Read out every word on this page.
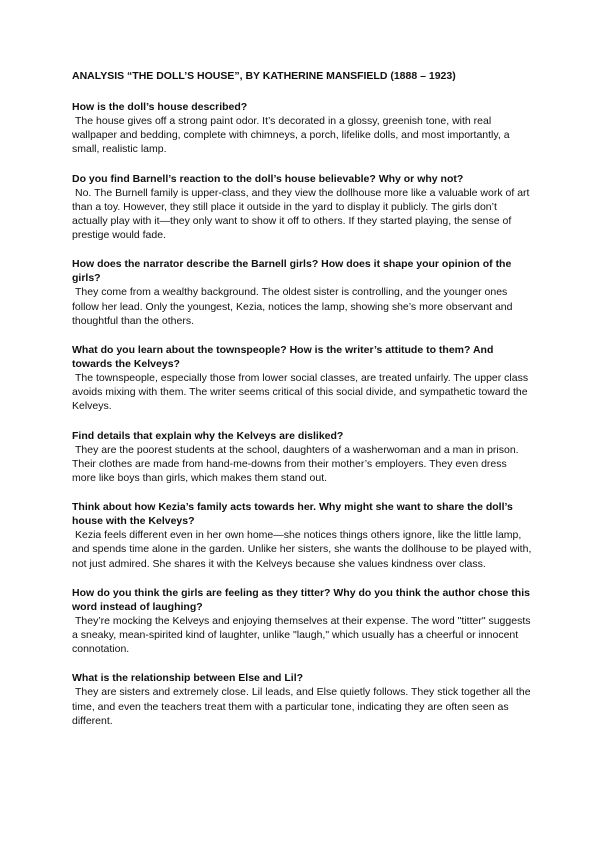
ANALYSIS “THE DOLL’S HOUSE”, BY KATHERINE MANSFIELD (1888 – 1923)

How is the doll’s house described?

The house gives off a strong paint odor. It’s decorated in a glossy, greenish tone, with real wallpaper and bedding, complete with chimneys, a porch, lifelike dolls, and most importantly, a small, realistic lamp.

Do you find Barnell’s reaction to the doll’s house believable? Why or why not?

No. The Burnell family is upper-class, and they view the dollhouse more like a valuable work of art than a toy. However, they still place it outside in the yard to display it publicly. The girls don’t actually play with it—they only want to show it off to others. If they started playing, the sense of prestige would fade.

How does the narrator describe the Barnell girls? How does it shape your opinion of the girls?

They come from a wealthy background. The oldest sister is controlling, and the younger ones follow her lead. Only the youngest, Kezia, notices the lamp, showing she’s more observant and thoughtful than the others.

What do you learn about the townspeople? How is the writer’s attitude to them? And towards the Kelveys?

The townspeople, especially those from lower social classes, are treated unfairly. The upper class avoids mixing with them. The writer seems critical of this social divide, and sympathetic toward the Kelveys.

Find details that explain why the Kelveys are disliked?

They are the poorest students at the school, daughters of a washerwoman and a man in prison. Their clothes are made from hand-me-downs from their mother’s employers. They even dress more like boys than girls, which makes them stand out.

Think about how Kezia’s family acts towards her. Why might she want to share the doll’s house with the Kelveys?

Kezia feels different even in her own home—she notices things others ignore, like the little lamp, and spends time alone in the garden. Unlike her sisters, she wants the dollhouse to be played with, not just admired. She shares it with the Kelveys because she values kindness over class.

How do you think the girls are feeling as they titter? Why do you think the author chose this word instead of laughing?

They’re mocking the Kelveys and enjoying themselves at their expense. The word "titter" suggests a sneaky, mean-spirited kind of laughter, unlike "laugh," which usually has a cheerful or innocent connotation.

What is the relationship between Else and Lil?

They are sisters and extremely close. Lil leads, and Else quietly follows. They stick together all the time, and even the teachers treat them with a particular tone, indicating they are often seen as different.
